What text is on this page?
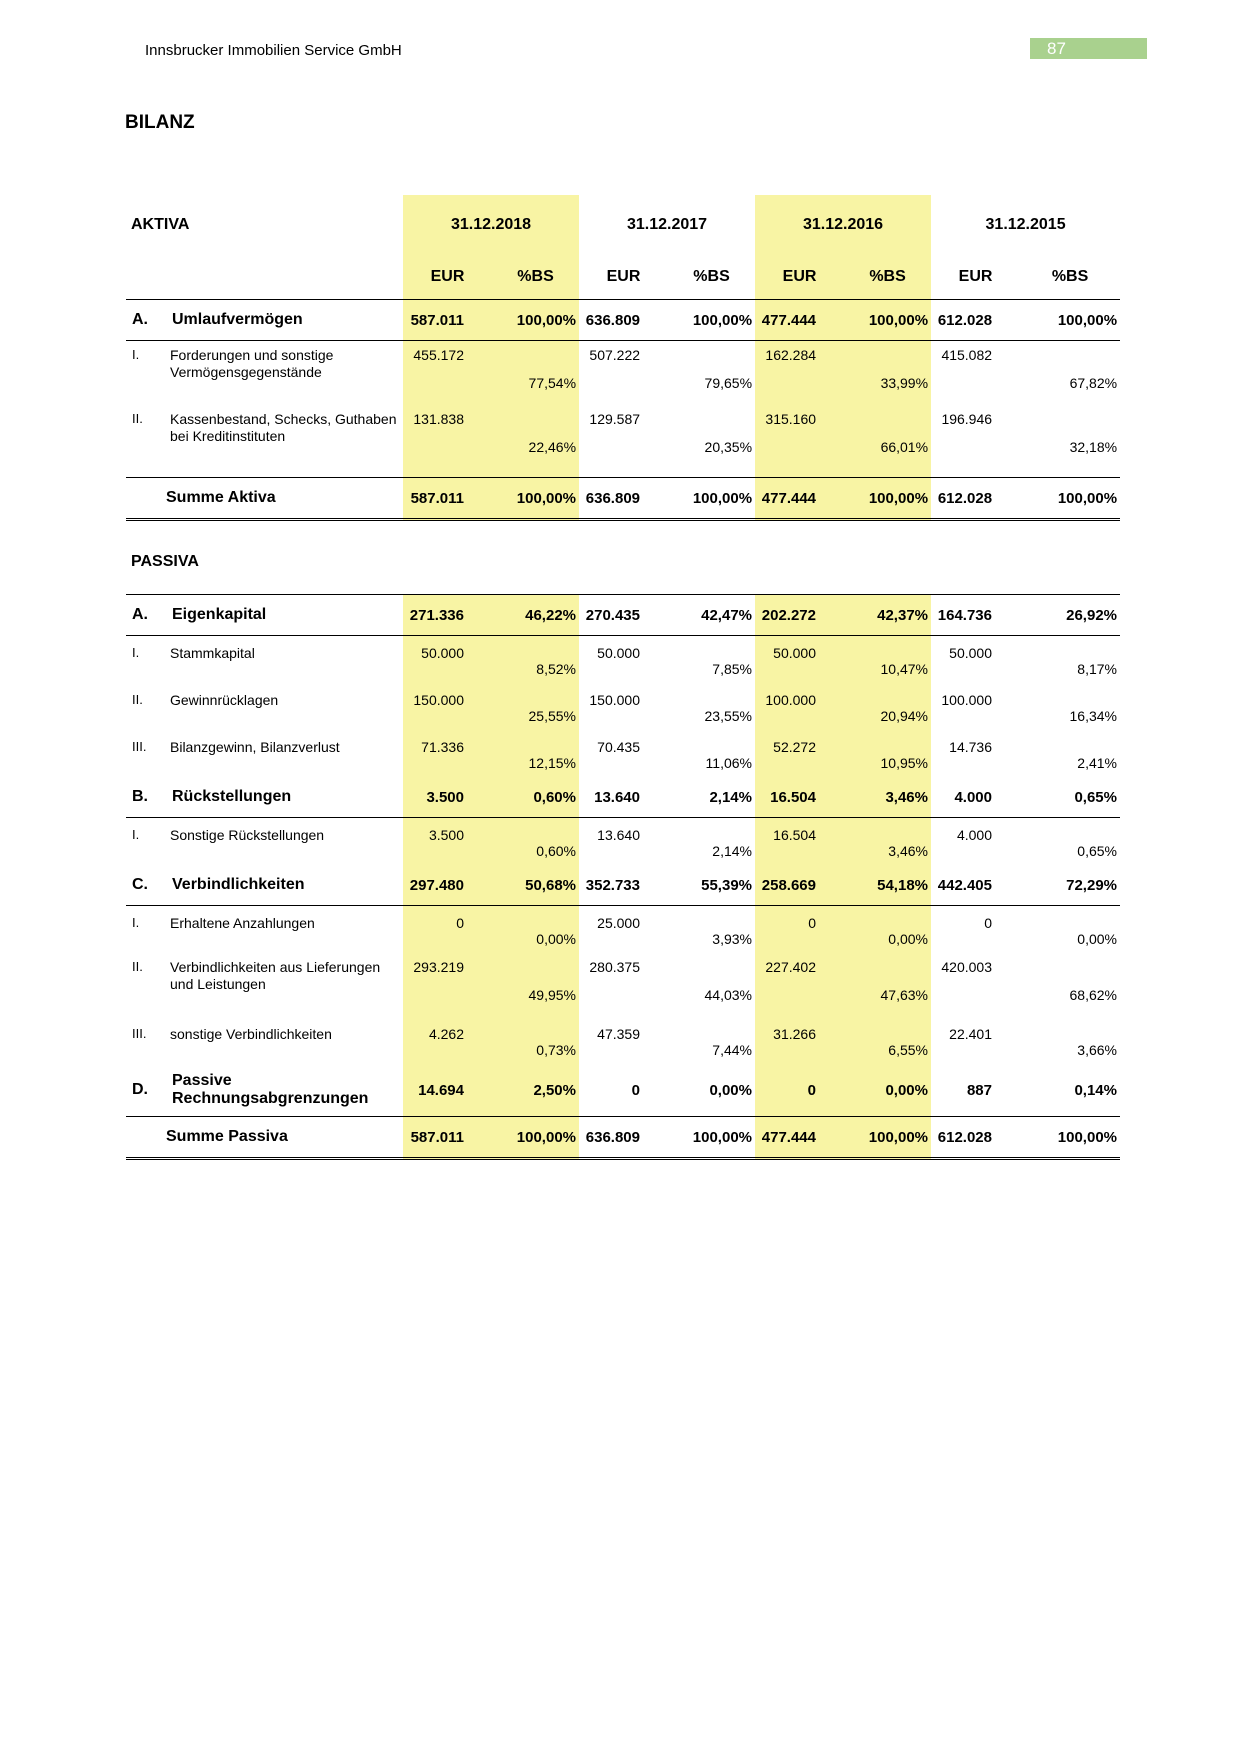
Innsbrucker Immobilien Service GmbH	87
BILANZ
AKTIVA
PASSIVA
		31.12.2018		31.12.2017		31.12.2016		31.12.2015	
		EUR	%BS	EUR	%BS	EUR	%BS	EUR	%BS
A.	Umlaufvermögen	587.011	100,00%	636.809	100,00%	477.444	100,00%	612.028	100,00%
I.	Forderungen und sonstige Vermögensgegenstände	455.172	77,54%	507.222	79,65%	162.284	33,99%	415.082	67,82%
II.	Kassenbestand, Schecks, Guthaben bei Kreditinstituten	131.838	22,46%	129.587	20,35%	315.160	66,01%	196.946	32,18%

Summe Aktiva		587.011	100,00%	636.809	100,00%	477.444	100,00%	612.028	100,00%
A.	Eigenkapital	271.336	46,22%	270.435	42,47%	202.272	42,37%	164.736	26,92%
I.	Stammkapital	50.000	8,52%	50.000	7,85%	50.000	10,47%	50.000	8,17%
II.	Gewinnrücklagen	150.000	25,55%	150.000	23,55%	100.000	20,94%	100.000	16,34%
III.	Bilanzgewinn, Bilanzverlust	71.336	12,15%	70.435	11,06%	52.272	10,95%	14.736	2,41%
B.	Rückstellungen	3.500	0,60%	13.640	2,14%	16.504	3,46%	4.000	0,65%
I.	Sonstige Rückstellungen	3.500	0,60%	13.640	2,14%	16.504	3,46%	4.000	0,65%
C.	Verbindlichkeiten	297.480	50,68%	352.733	55,39%	258.669	54,18%	442.405	72,29%
I.	Erhaltene Anzahlungen	0	0,00%	25.000	3,93%	0	0,00%	0	0,00%
II.	Verbindlichkeiten aus Lieferungen und Leistungen	293.219	49,95%	280.375	44,03%	227.402	47,63%	420.003	68,62%
III.	sonstige Verbindlichkeiten	4.262	0,73%	47.359	7,44%	31.266	6,55%	22.401	3,66%
D.	Passive Rechnungsabgrenzungen	14.694	2,50%	0	0,00%	0	0,00%	887	0,14%
Summe Passiva		587.011	100,00%	636.809	100,00%	477.444	100,00%	612.028	100,00%
